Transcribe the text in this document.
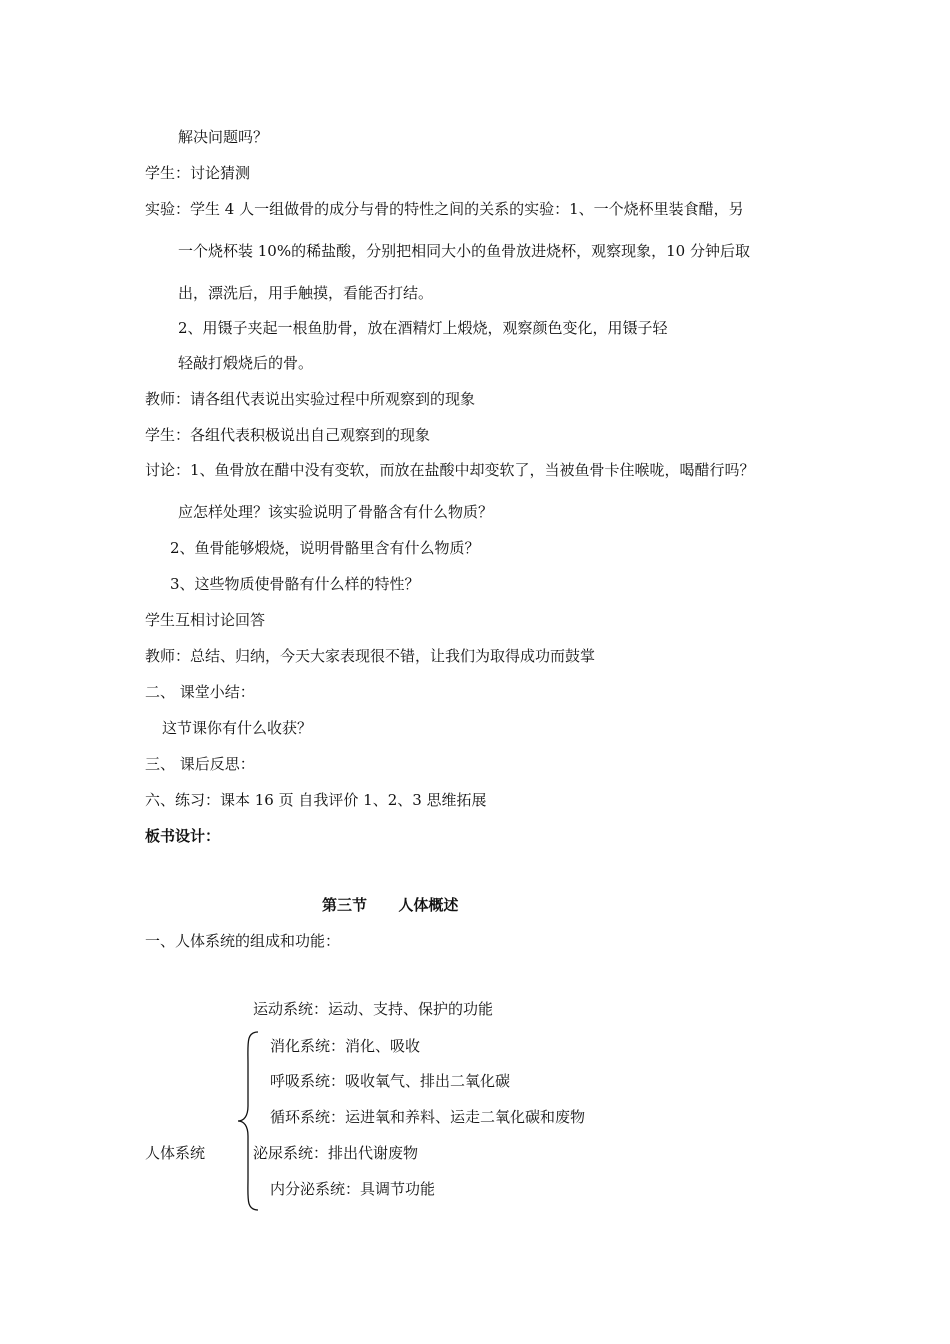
解决问题吗？
学生：讨论猜测
实验：学生 4 人一组做骨的成分与骨的特性之间的关系的实验：1、一个烧杯里装食醋，另
一个烧杯装 10%的稀盐酸，分别把相同大小的鱼骨放进烧杯，观察现象，10 分钟后取
出，漂洗后，用手触摸，看能否打结。
2、用镊子夹起一根鱼肋骨，放在酒精灯上煅烧，观察颜色变化，用镊子轻
轻敲打煅烧后的骨。
教师：请各组代表说出实验过程中所观察到的现象
学生：各组代表积极说出自己观察到的现象
讨论：1、鱼骨放在醋中没有变软，而放在盐酸中却变软了，当被鱼骨卡住喉咙，喝醋行吗？
应怎样处理？该实验说明了骨骼含有什么物质？
2、鱼骨能够煅烧，说明骨骼里含有什么物质？
3、这些物质使骨骼有什么样的特性？
学生互相讨论回答
教师：总结、归纳，今天大家表现很不错，让我们为取得成功而鼓掌
二、 课堂小结：
这节课你有什么收获？
三、 课后反思：
六、练习：课本 16 页 自我评价 1、2、3 思维拓展
板书设计：
第三节      人体概述
一、人体系统的组成和功能：
人体系统
运动系统：运动、支持、保护的功能
消化系统：消化、吸收
呼吸系统：吸收氧气、排出二氧化碳
循环系统：运进氧和养料、运走二氧化碳和废物
泌尿系统：排出代谢废物
内分泌系统：具调节功能
